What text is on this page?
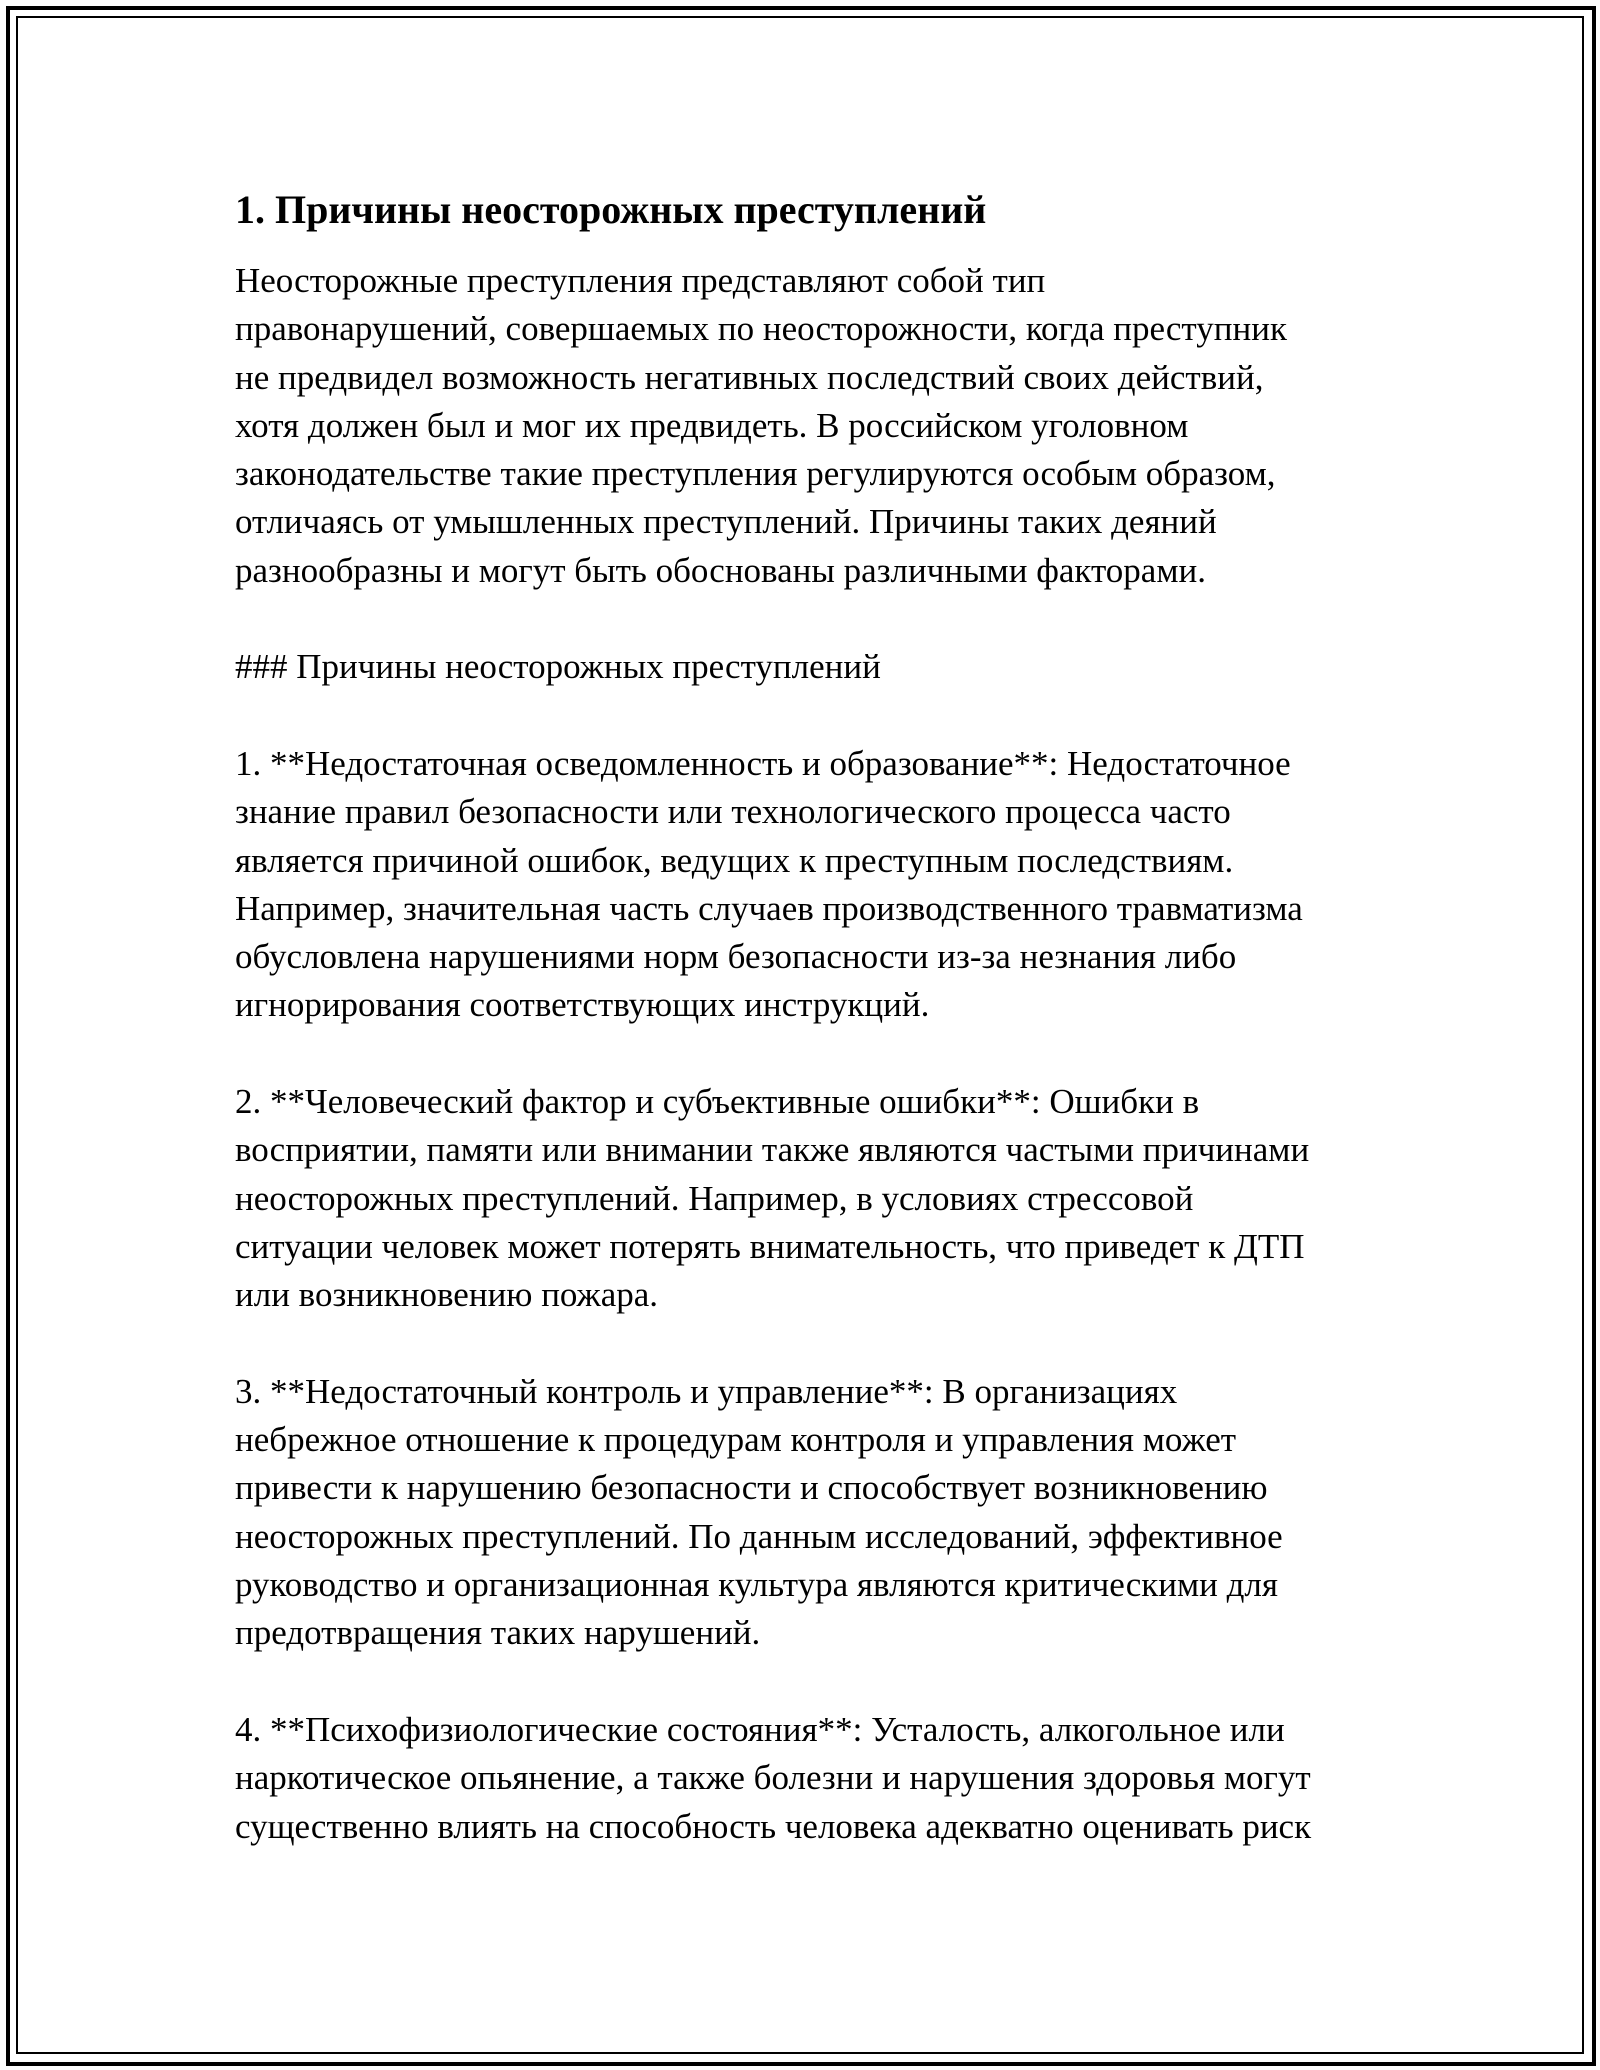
1. Причины неосторожных преступлений

Неосторожные преступления представляют собой тип
правонарушений, совершаемых по неосторожности, когда преступник
не предвидел возможность негативных последствий своих действий,
хотя должен был и мог их предвидеть. В российском уголовном
законодательстве такие преступления регулируются особым образом,
отличаясь от умышленных преступлений. Причины таких деяний
разнообразны и могут быть обоснованы различными факторами.

### Причины неосторожных преступлений

1. **Недостаточная осведомленность и образование**: Недостаточное
знание правил безопасности или технологического процесса часто
является причиной ошибок, ведущих к преступным последствиям.
Например, значительная часть случаев производственного травматизма
обусловлена нарушениями норм безопасности из-за незнания либо
игнорирования соответствующих инструкций.

2. **Человеческий фактор и субъективные ошибки**: Ошибки в
восприятии, памяти или внимании также являются частыми причинами
неосторожных преступлений. Например, в условиях стрессовой
ситуации человек может потерять внимательность, что приведет к ДТП
или возникновению пожара.

3. **Недостаточный контроль и управление**: В организациях
небрежное отношение к процедурам контроля и управления может
привести к нарушению безопасности и способствует возникновению
неосторожных преступлений. По данным исследований, эффективное
руководство и организационная культура являются критическими для
предотвращения таких нарушений.

4. **Психофизиологические состояния**: Усталость, алкогольное или
наркотическое опьянение, а также болезни и нарушения здоровья могут
существенно влиять на способность человека адекватно оценивать риск
